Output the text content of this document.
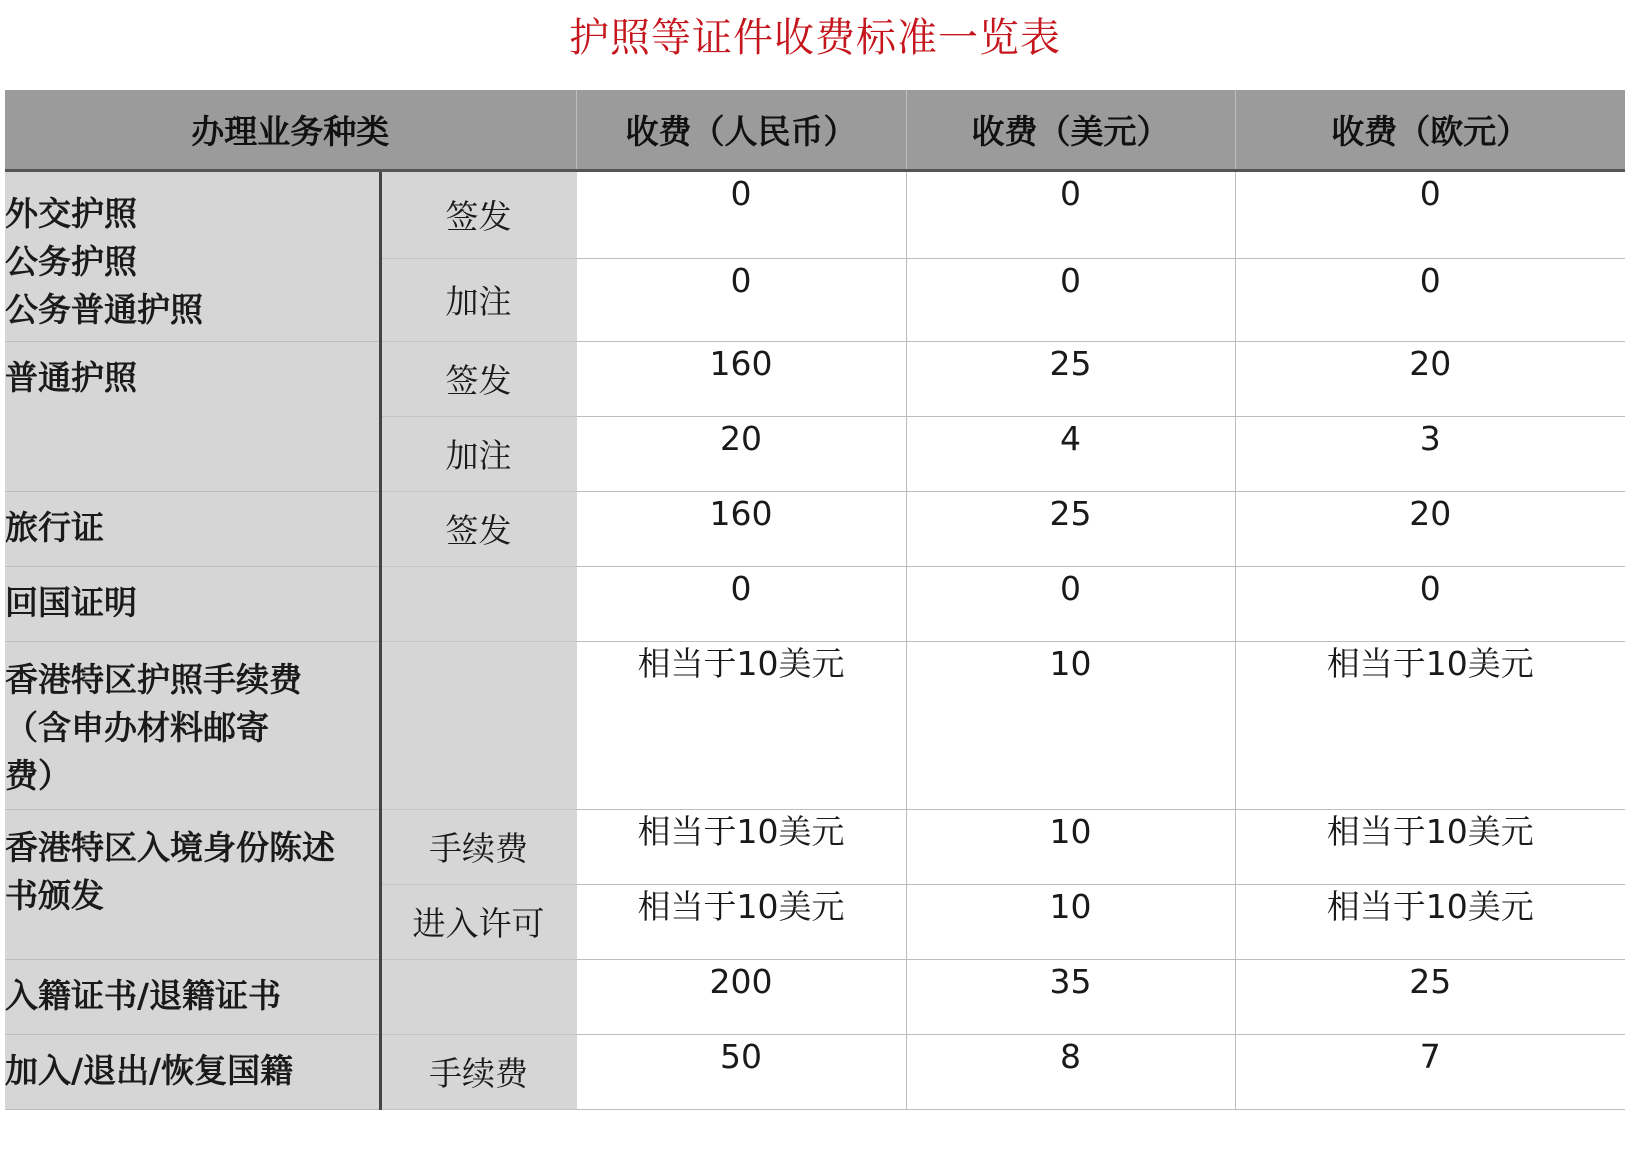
护照等证件收费标准一览表
办理业务种类		收费（人民币）	收费（美元）	收费（欧元）
外交护照
公务护照
公务普通护照	签发	0	0	0
	加注	0	0	0
普通护照	签发	160	25	20
	加注	20	4	3
旅行证	签发	160	25	20
回国证明		0	0	0
香港特区护照手续费
（含申办材料邮寄
费）		相当于10美元	10	相当于10美元
香港特区入境身份陈述
书颁发	手续费	相当于10美元	10	相当于10美元
	进入许可	相当于10美元	10	相当于10美元
入籍证书/退籍证书		200	35	25
加入/退出/恢复国籍	手续费	50	8	7
